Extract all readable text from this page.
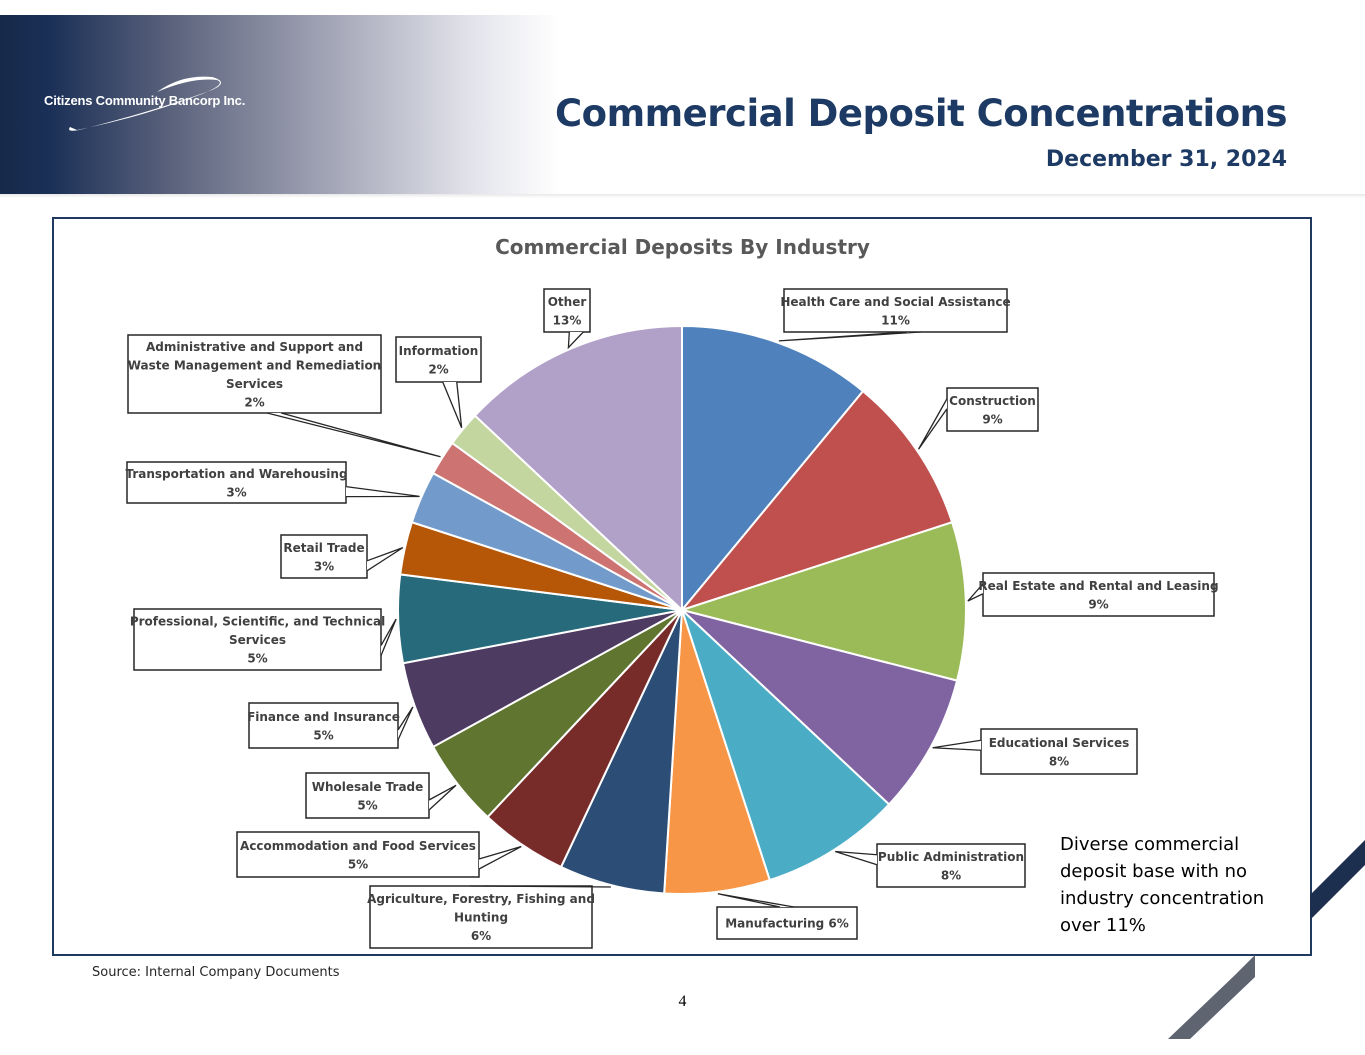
Citizens Community Bancorp Inc.	Commercial Deposit Concentrations
December 31, 2024
Health Care and Social Assistance
11%
Construction
9%
Real Estate and Rental and Leasing
9%
Educational Services
8%
Public Administration
8%
Manufacturing 6%
Agriculture, Forestry, Fishing and
Hunting
6%
Accommodation and Food Services
5%
Wholesale Trade
5%
Finance and Insurance
5%
Professional, Scientific, and Technical
Services
5%
Retail Trade
3%
Transportation and Warehousing
3%
Administrative and Support and
Waste Management and Remediation
Services
2%
Information
2%
Other
13%
Commercial Deposits By Industry
Diverse commercial deposit base with no industry concentration over 11%
Source: Internal Company Documents
4
